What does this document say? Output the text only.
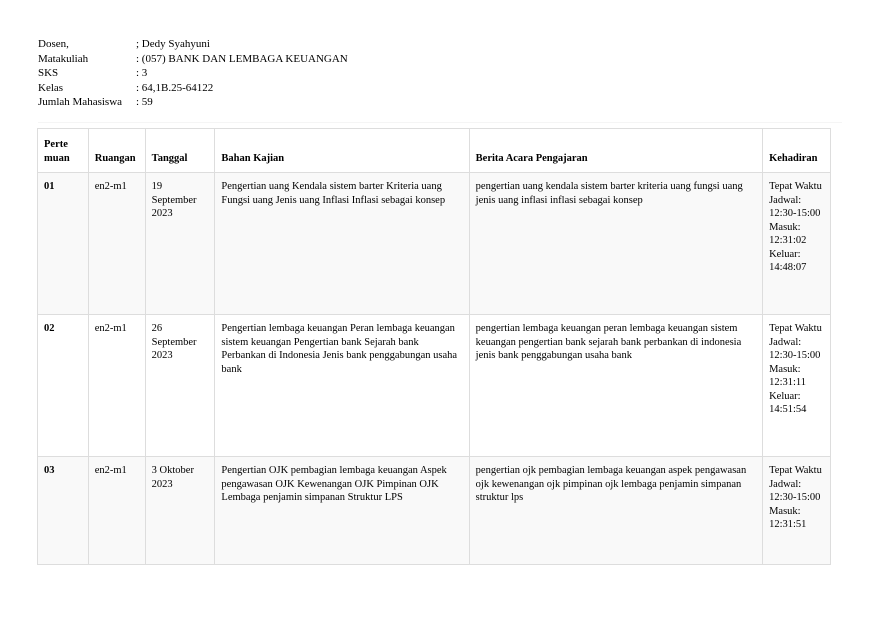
Dosen,	; Dedy Syahyuni
Matakuliah	: (057) BANK DAN LEMBAGA KEUANGAN
SKS	: 3
Kelas	: 64,1B.25-64122
Jumlah Mahasiswa	: 59
Perte muan	Ruangan	Tanggal	Bahan Kajian	Berita Acara Pengajaran	Kehadiran
01	en2-m1	19 September 2023	Pengertian uang Kendala sistem barter Kriteria uang Fungsi uang Jenis uang Inflasi Inflasi sebagai konsep	pengertian uang kendala sistem barter kriteria uang fungsi uang jenis uang inflasi inflasi sebagai konsep	Tepat Waktu Jadwal: 12:30-15:00 Masuk: 12:31:02 Keluar: 14:48:07
02	en2-m1	26 September 2023	Pengertian lembaga keuangan Peran lembaga keuangan sistem keuangan Pengertian bank Sejarah bank Perbankan di Indonesia Jenis bank penggabungan usaha bank	pengertian lembaga keuangan peran lembaga keuangan sistem keuangan pengertian bank sejarah bank perbankan di indonesia jenis bank penggabungan usaha bank	Tepat Waktu Jadwal: 12:30-15:00 Masuk: 12:31:11 Keluar: 14:51:54
03	en2-m1	3 Oktober 2023	Pengertian OJK pembagian lembaga keuangan Aspek pengawasan OJK Kewenangan OJK Pimpinan OJK Lembaga penjamin simpanan Struktur LPS	pengertian ojk pembagian lembaga keuangan aspek pengawasan ojk kewenangan ojk pimpinan ojk lembaga penjamin simpanan struktur lps	Tepat Waktu Jadwal: 12:30-15:00 Masuk: 12:31:51
